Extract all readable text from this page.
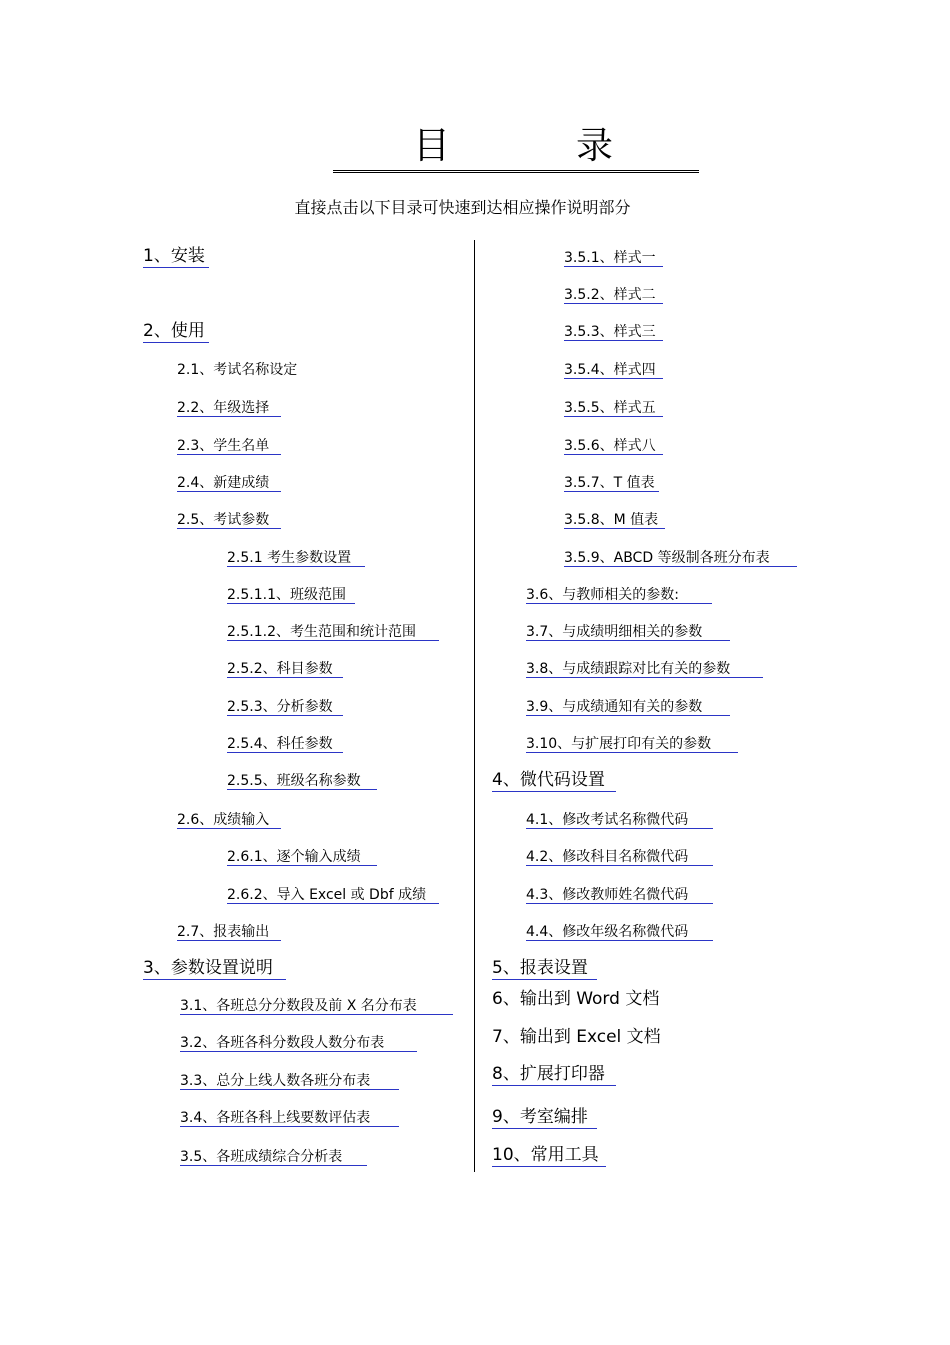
目	录
直接点击以下目录可快速到达相应操作说明部分
1、安装
2、使用
2.1、考试名称设定
2.2、年级选择
2.3、学生名单
2.4、新建成绩
2.5、考试参数
2.5.1 考生参数设置
2.5.1.1、班级范围
2.5.1.2、考生范围和统计范围
2.5.2、科目参数
2.5.3、分析参数
2.5.4、科任参数
2.5.5、班级名称参数
2.6、成绩输入
2.6.1、逐个输入成绩
2.6.2、导入 Excel 或 Dbf 成绩
2.7、报表输出
3、参数设置说明
3.1、各班总分分数段及前 X 名分布表
3.2、各班各科分数段人数分布表
3.3、总分上线人数各班分布表
3.4、各班各科上线要数评估表
3.5、各班成绩综合分析表
3.5.1、样式一
3.5.2、样式二
3.5.3、样式三
3.5.4、样式四
3.5.5、样式五
3.5.6、样式八
3.5.7、T 值表
3.5.8、M 值表
3.5.9、ABCD 等级制各班分布表
3.6、与教师相关的参数:
3.7、与成绩明细相关的参数
3.8、与成绩跟踪对比有关的参数
3.9、与成绩通知有关的参数
3.10、与扩展打印有关的参数
4、微代码设置
4.1、修改考试名称微代码
4.2、修改科目名称微代码
4.3、修改教师姓名微代码
4.4、修改年级名称微代码
5、报表设置
6、输出到 Word 文档
7、输出到 Excel 文档
8、扩展打印器
9、考室编排
10、常用工具
